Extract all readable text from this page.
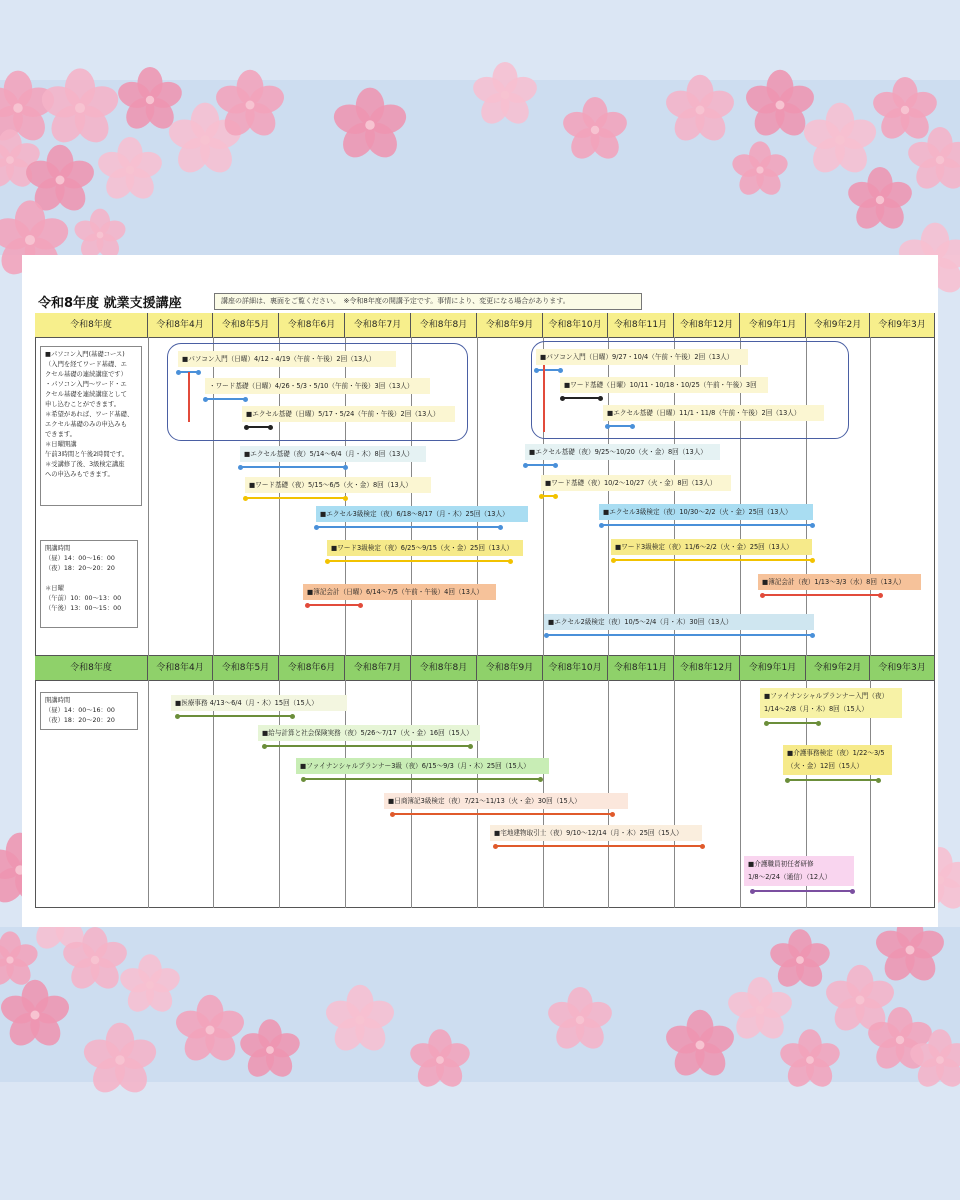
令和8年度 就業支援講座	講座の詳細は、裏面をご覧ください。　※令和8年度の開講予定です。事情により、変更になる場合があります。
令和8年度	令和8年4月	令和8年5月	令和8年6月	令和8年7月	令和8年8月	令和8年9月	令和8年10月	令和8年11月	令和8年12月	令和9年1月	令和9年2月	令和9年3月
令和8年度	令和8年4月	令和8年5月	令和8年6月	令和8年7月	令和8年8月	令和8年9月	令和8年10月	令和8年11月	令和8年12月	令和9年1月	令和9年2月	令和9年3月
■パソコン入門(基礎コース)
（入門を経てワード基礎、エ
クセル基礎の連続講座です）
・パソコン入門～ワード・エ
クセル基礎を連続講座として
申し込むことができます。
＊希望があれば、ワード基礎、
エクセル基礎のみの申込みも
できます。
＊日曜開講
午前3時間と午後2時間です。
＊受講修了後、3級検定講座
への申込みもできます。
開講時間
（昼）14：00～16：00
（夜）18：20～20：20

＊日曜
（午前）10：00～13：00
（午後）13：00～15：00
開講時間
（昼）14：00～16：00
（夜）18：20～20：20
■パソコン入門（日曜）4/12・4/19（午前・午後）2回（13人）
・ワード基礎（日曜）4/26・5/3・5/10（午前・午後）3回（13人）
■エクセル基礎（日曜）5/17・5/24（午前・午後）2回（13人）
■エクセル基礎（夜）5/14～6/4（月・木）8回（13人）
■ワード基礎（夜）5/15～6/5（火・金）8回（13人）
■エクセル3級検定（夜）6/18～8/17（月・木）25回（13人）
■ワード3級検定（夜）6/25～9/15（火・金）25回（13人）
■簿記会計（日曜）6/14～7/5（午前・午後）4回（13人）
■パソコン入門（日曜）9/27・10/4（午前・午後）2回（13人）
■ワード基礎（日曜）10/11・10/18・10/25（午前・午後）3回
■エクセル基礎（日曜）11/1・11/8（午前・午後）2回（13人）
■エクセル基礎（夜）9/25～10/20（火・金）8回（13人）
■ワード基礎（夜）10/2～10/27（火・金）8回（13人）
■エクセル3級検定（夜）10/30～2/2（火・金）25回（13人）
■ワード3級検定（夜）11/6～2/2（火・金）25回（13人）
■簿記会計（夜）1/13～3/3（水）8回（13人）
■エクセル2級検定（夜）10/5～2/4（月・木）30回（13人）
■医療事務 4/13～6/4（月・木）15回（15人）
■給与計算と社会保険実務（夜）5/26～7/17（火・金）16回（15人）
■ファイナンシャルプランナー3級（夜）6/15～9/3（月・木）25回（15人）
■日商簿記3級検定（夜）7/21～11/13（火・金）30回（15人）
■宅地建物取引士（夜）9/10～12/14（月・木）25回（15人）
■ファイナンシャルプランナー入門（夜）
1/14～2/8（月・木）8回（15人）
■介護事務検定（夜）1/22～3/5
（火・金）12回（15人）
■介護職員初任者研修
1/8～2/24（通信）（12人）
